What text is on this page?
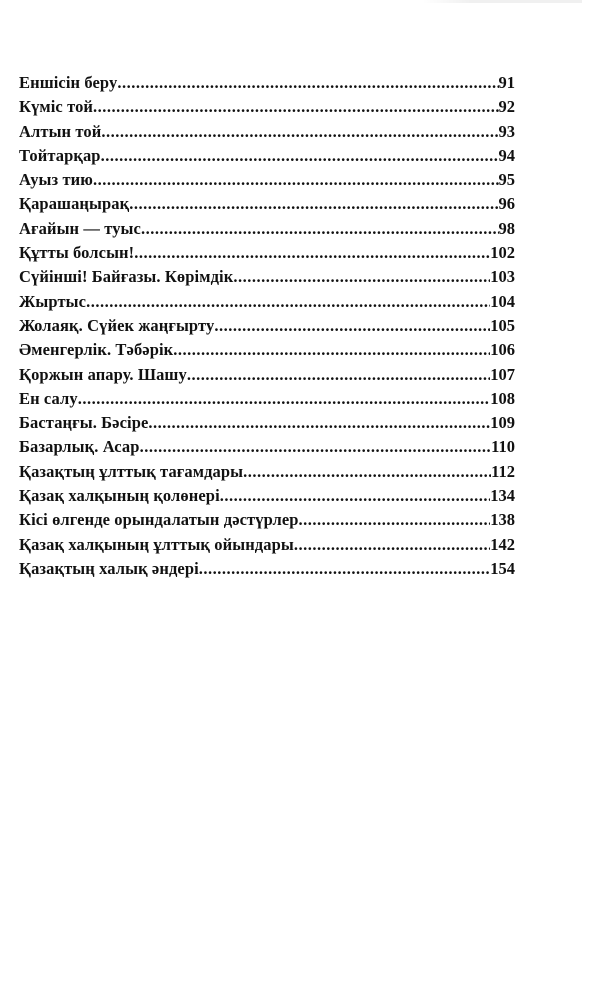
Еншісін беру .....	91
Күміс той .....	92
Алтын той .....	93
Тойтарқар .....	94
Ауыз тию .....	95
Қарашаңырақ .....	96
Ағайын — туыс .....	98
Құтты болсын! .....	102
Сүйінші! Байғазы. Көрімдік .....	103
Жыртыс .....	104
Жолаяқ. Сүйек жаңғырту .....	105
Әменгерлік. Тәбәрік .....	106
Қоржын апару. Шашу .....	107
Ен салу .....	108
Бастаңғы. Бәсіре .....	109
Базарлық. Асар .....	110
Қазақтың ұлттық тағамдары .....	112
Қазақ халқының қолөнері .....	134
Кісі өлгенде орындалатын дәстүрлер .....	138
Қазақ халқының ұлттық ойындары .....	142
Қазақтың халық әндері .....	154
